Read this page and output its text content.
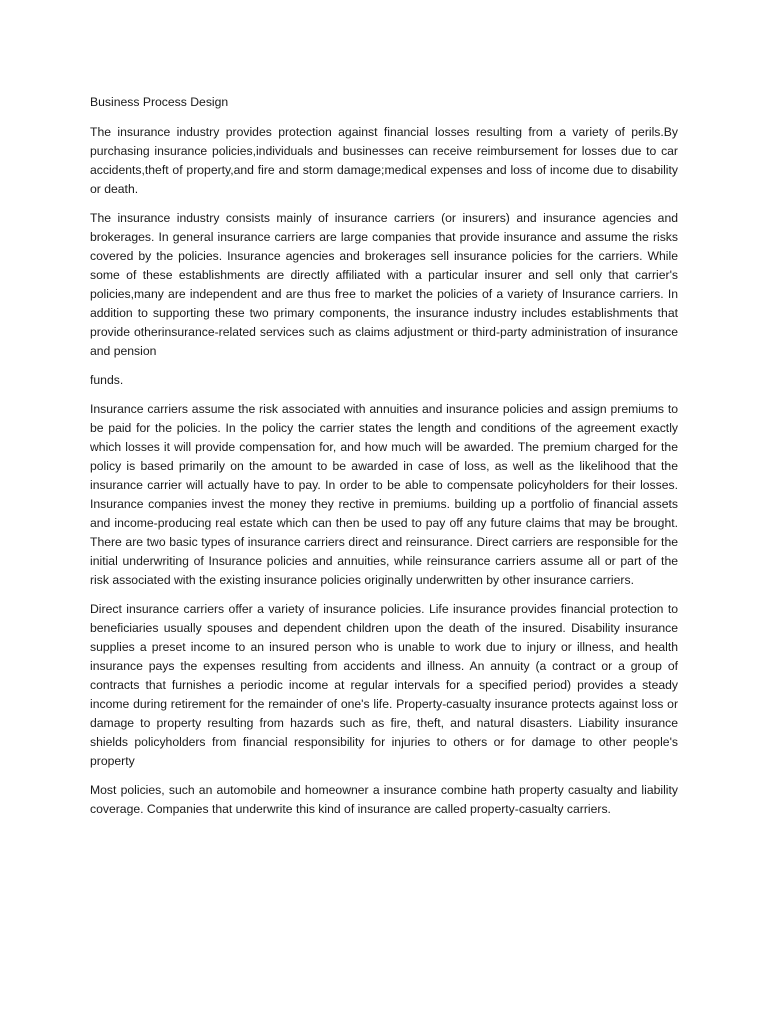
Business Process Design

The insurance industry provides protection against financial losses resulting from a variety of perils.By purchasing insurance policies,individuals and businesses can receive reimbursement for losses due to car accidents,theft of property,and fire and storm damage;medical expenses and loss of income due to disability or death.

The insurance industry consists mainly of insurance carriers (or insurers) and insurance agencies and brokerages. In general insurance carriers are large companies that provide insurance and assume the risks covered by the policies. Insurance agencies and brokerages sell insurance policies for the carriers. While some of these establishments are directly affiliated with a particular insurer and sell only that carrier's policies,many are independent and are thus free to market the policies of a variety of Insurance carriers. In addition to supporting these two primary components, the insurance industry includes establishments that provide otherinsurance-related services such as claims adjustment or third-party administration of insurance and pension

funds.

Insurance carriers assume the risk associated with annuities and insurance policies and assign premiums to be paid for the policies. In the policy the carrier states the length and conditions of the agreement exactly which losses it will provide compensation for, and how much will be awarded. The premium charged for the policy is based primarily on the amount to be awarded in case of loss, as well as the likelihood that the insurance carrier will actually have to pay. In order to be able to compensate policyholders for their losses. Insurance companies invest the money they rective in premiums. building up a portfolio of financial assets and income-producing real estate which can then be used to pay off any future claims that may be brought. There are two basic types of insurance carriers direct and reinsurance. Direct carriers are responsible for the initial underwriting of Insurance policies and annuities, while reinsurance carriers assume all or part of the risk associated with the existing insurance policies originally underwritten by other insurance carriers.

Direct insurance carriers offer a variety of insurance policies. Life insurance provides financial protection to beneficiaries usually spouses and dependent children upon the death of the insured. Disability insurance supplies a preset income to an insured person who is unable to work due to injury or illness, and health insurance pays the expenses resulting from accidents and illness. An annuity (a contract or a group of contracts that furnishes a periodic income at regular intervals for a specified period) provides a steady income during retirement for the remainder of one's life. Property-casualty insurance protects against loss or damage to property resulting from hazards such as fire, theft, and natural disasters. Liability insurance shields policyholders from financial responsibility for injuries to others or for damage to other people's property

Most policies, such an automobile and homeowner a insurance combine hath property casualty and liability coverage. Companies that underwrite this kind of insurance are called property-casualty carriers.
